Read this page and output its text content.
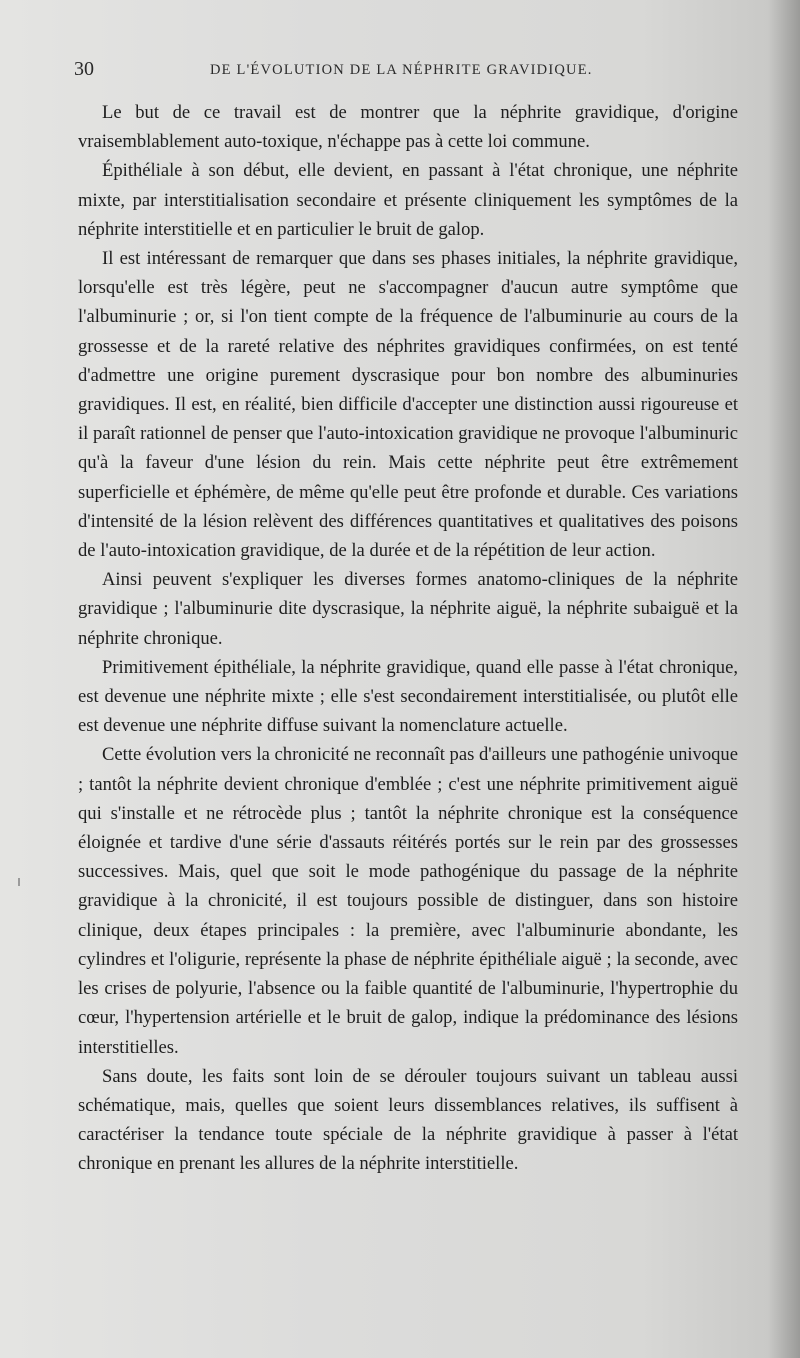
30	DE L'ÉVOLUTION DE LA NÉPHRITE GRAVIDIQUE.

Le but de ce travail est de montrer que la néphrite gravidique, d'origine vraisemblablement auto-toxique, n'échappe pas à cette loi commune.

Épithéliale à son début, elle devient, en passant à l'état chronique, une néphrite mixte, par interstitialisation secondaire et présente cliniquement les symptômes de la néphrite interstitielle et en particulier le bruit de galop.

Il est intéressant de remarquer que dans ses phases initiales, la néphrite gravidique, lorsqu'elle est très légère, peut ne s'accompagner d'aucun autre symptôme que l'albuminurie ; or, si l'on tient compte de la fréquence de l'albuminurie au cours de la grossesse et de la rareté relative des néphrites gravidiques confirmées, on est tenté d'admettre une origine purement dyscrasique pour bon nombre des albuminuries gravidiques. Il est, en réalité, bien difficile d'accepter une distinction aussi rigoureuse et il paraît rationnel de penser que l'auto-intoxication gravidique ne provoque l'albuminuric qu'à la faveur d'une lésion du rein. Mais cette néphrite peut être extrêmement superficielle et éphémère, de même qu'elle peut être profonde et durable. Ces variations d'intensité de la lésion relèvent des différences quantitatives et qualitatives des poisons de l'auto-intoxication gravidique, de la durée et de la répétition de leur action.

Ainsi peuvent s'expliquer les diverses formes anatomo-cliniques de la néphrite gravidique ; l'albuminurie dite dyscrasique, la néphrite aiguë, la néphrite subaiguë et la néphrite chronique.

Primitivement épithéliale, la néphrite gravidique, quand elle passe à l'état chronique, est devenue une néphrite mixte ; elle s'est secondairement interstitialisée, ou plutôt elle est devenue une néphrite diffuse suivant la nomenclature actuelle.

Cette évolution vers la chronicité ne reconnaît pas d'ailleurs une pathogénie univoque ; tantôt la néphrite devient chronique d'emblée ; c'est une néphrite primitivement aiguë qui s'installe et ne rétrocède plus ; tantôt la néphrite chronique est la conséquence éloignée et tardive d'une série d'assauts réitérés portés sur le rein par des grossesses successives. Mais, quel que soit le mode pathogénique du passage de la néphrite gravidique à la chronicité, il est toujours possible de distinguer, dans son histoire clinique, deux étapes principales : la première, avec l'albuminurie abondante, les cylindres et l'oligurie, représente la phase de néphrite épithéliale aiguë ; la seconde, avec les crises de polyurie, l'absence ou la faible quantité de l'albuminurie, l'hypertrophie du cœur, l'hypertension artérielle et le bruit de galop, indique la prédominance des lésions interstitielles.

Sans doute, les faits sont loin de se dérouler toujours suivant un tableau aussi schématique, mais, quelles que soient leurs dissemblances relatives, ils suffisent à caractériser la tendance toute spéciale de la néphrite gravidique à passer à l'état chronique en prenant les allures de la néphrite interstitielle.
